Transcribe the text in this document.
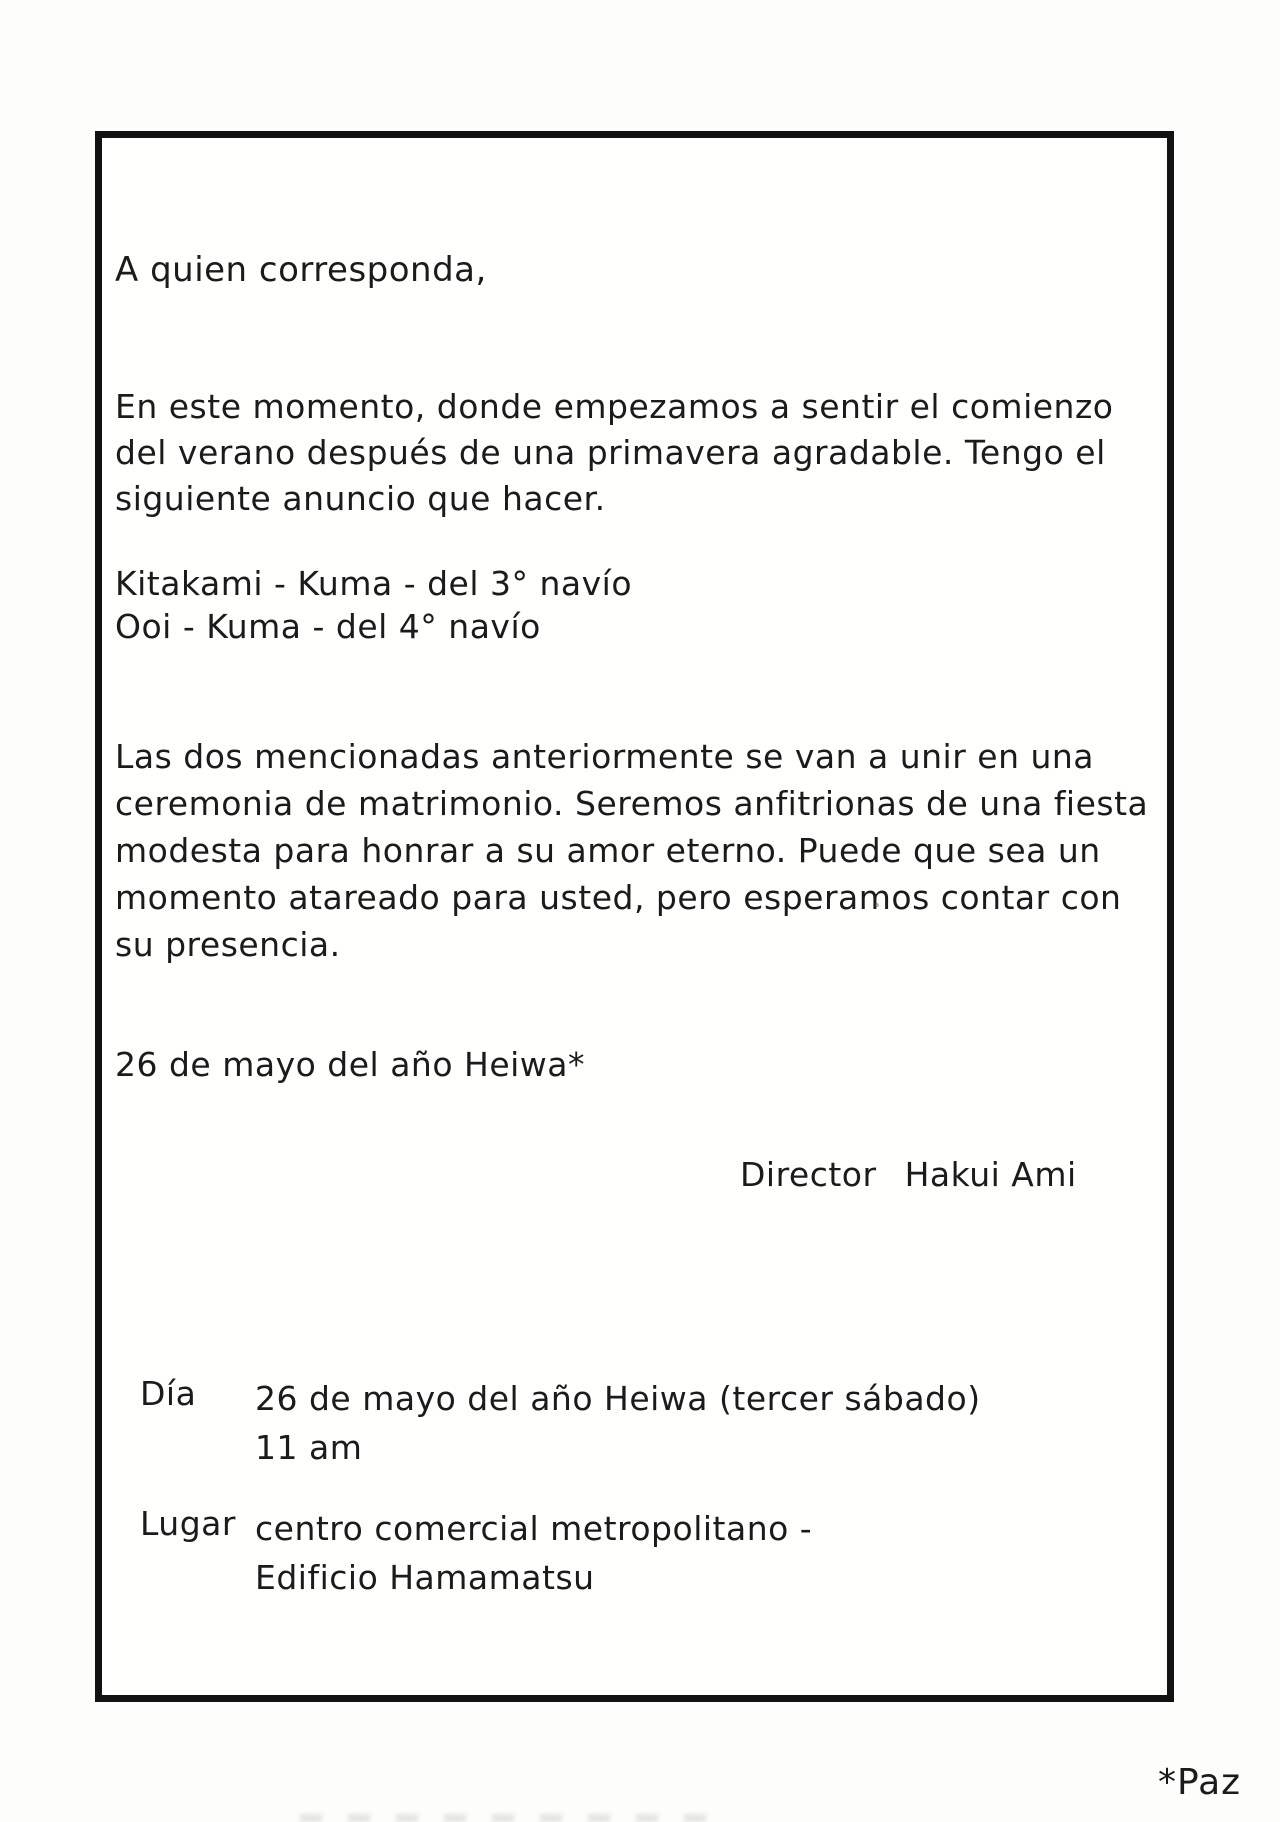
A quien corresponda,
En este momento, donde empezamos a sentir el comienzo
del verano después de una primavera agradable. Tengo el
siguiente anuncio que hacer.
Kitakami - Kuma - del 3° navío
Ooi - Kuma - del 4° navío
Las dos mencionadas anteriormente se van a unir en una
ceremonia de matrimonio. Seremos anfitrionas de una fiesta
modesta para honrar a su amor eterno. Puede que sea un
momento atareado para usted, pero esperamos contar con
su presencia.
26 de mayo del año Heiwa*
Director Hakui Ami
Día 26 de mayo del año Heiwa (tercer sábado)
11 am
Lugar centro comercial metropolitano -
Edificio Hamamatsu
*Paz
